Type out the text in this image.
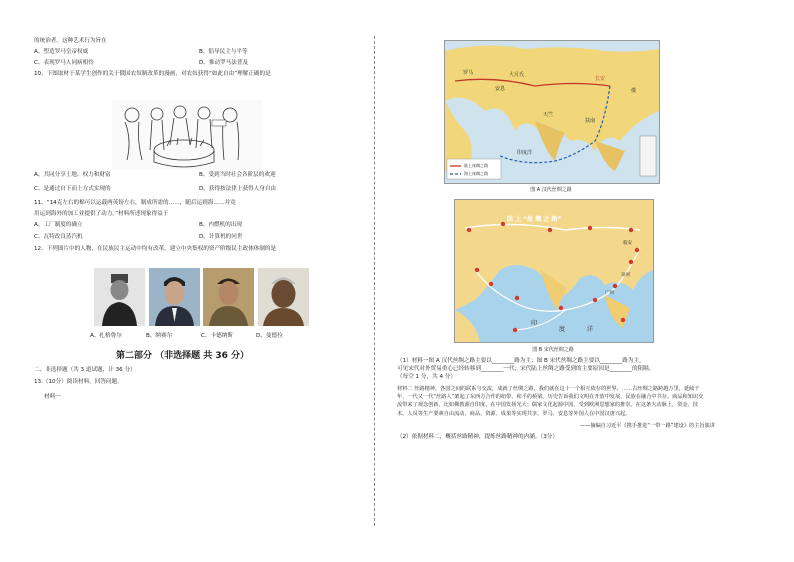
的统治者。这种艺术行为旨在
A、塑造罗马皇帝权威	B、倡导民主与平等
C、表现罗马人同病相怜	D、推动罗马法普及
10、下图取材于某学生创作的关于俄国农奴制改革的漫画，对农奴获得“如此自由”理解正确的是
A、共同分享土地、权力和财富	B、受到当时社会各阶层的欢迎
C、是通过自下而上方式实现的	D、获得按法律上获得人身自由
11、“14克左右的棉可以运载两英镑左右，制成所需的……，随后运到海……并竟
用运到海外的加工业提供了动力。”材料所述现象得益于
A、工厂制度的确立	B、内燃机的出现
C、瓦特改良蒸汽机	D、计算机的问世
12、下列图片中的人物，在民族民主运动中均有改革，建立中央集权的资产阶级民主政体体制的是
A、扎格鲁尔	B、纳赛尔	C、卡德纳斯	D、曼德拉
第二部分 （非选择题 共 36 分）
二、非选择题（共 3 道试题，计 36 分）
13.（10分）阅读材料，回答问题。
材料一
陆上丝绸之路
海上丝绸之路
罗马	大月氏
安息
长安
天竺
倭
扶南
印度洋
图 A 汉代丝绸之路
陆 上 “丝 绸 之 路”
印
度	洋
泉州
广州
临安
图 B 宋代丝绸之路
（1）材料一图 A 汉代丝绸之路主要以________路为主；图 B 宋代丝绸之路主要以________路为主，
可见宋代对外贸易重心已经转移到________一代；宋代陆上丝绸之路受到的主要原因是________的阻隔。
（每空 1 分，共 4 分）
材料二 丝路精神。各国之间的联系与交流，成就了丝绸之路，我们就在这十一个相互依存的世界。……古丝绸之路跨越万里，延续千年，一代又一代“丝路人”架起了东西方合作的纽带、和平的桥梁。历史告诉我们文明在开放中发展，民族在融合中共存。商品和知识交流带来了观念创新，比如佛教源自印度，在中国发扬光大；儒家文化起源中国，受到欧洲思想家的推崇。在这条大动脉上，资金、技术、人员等生产要素自由流动，商品、资源、成果等实现共享，罗马、安息等外国人在中国汉唐兴起。
——摘编自习近平《携手推进“一带一路”建设》的主旨演讲
（2）依据材料二，概括丝路精神，提炼丝路精神的内涵。（3分）
